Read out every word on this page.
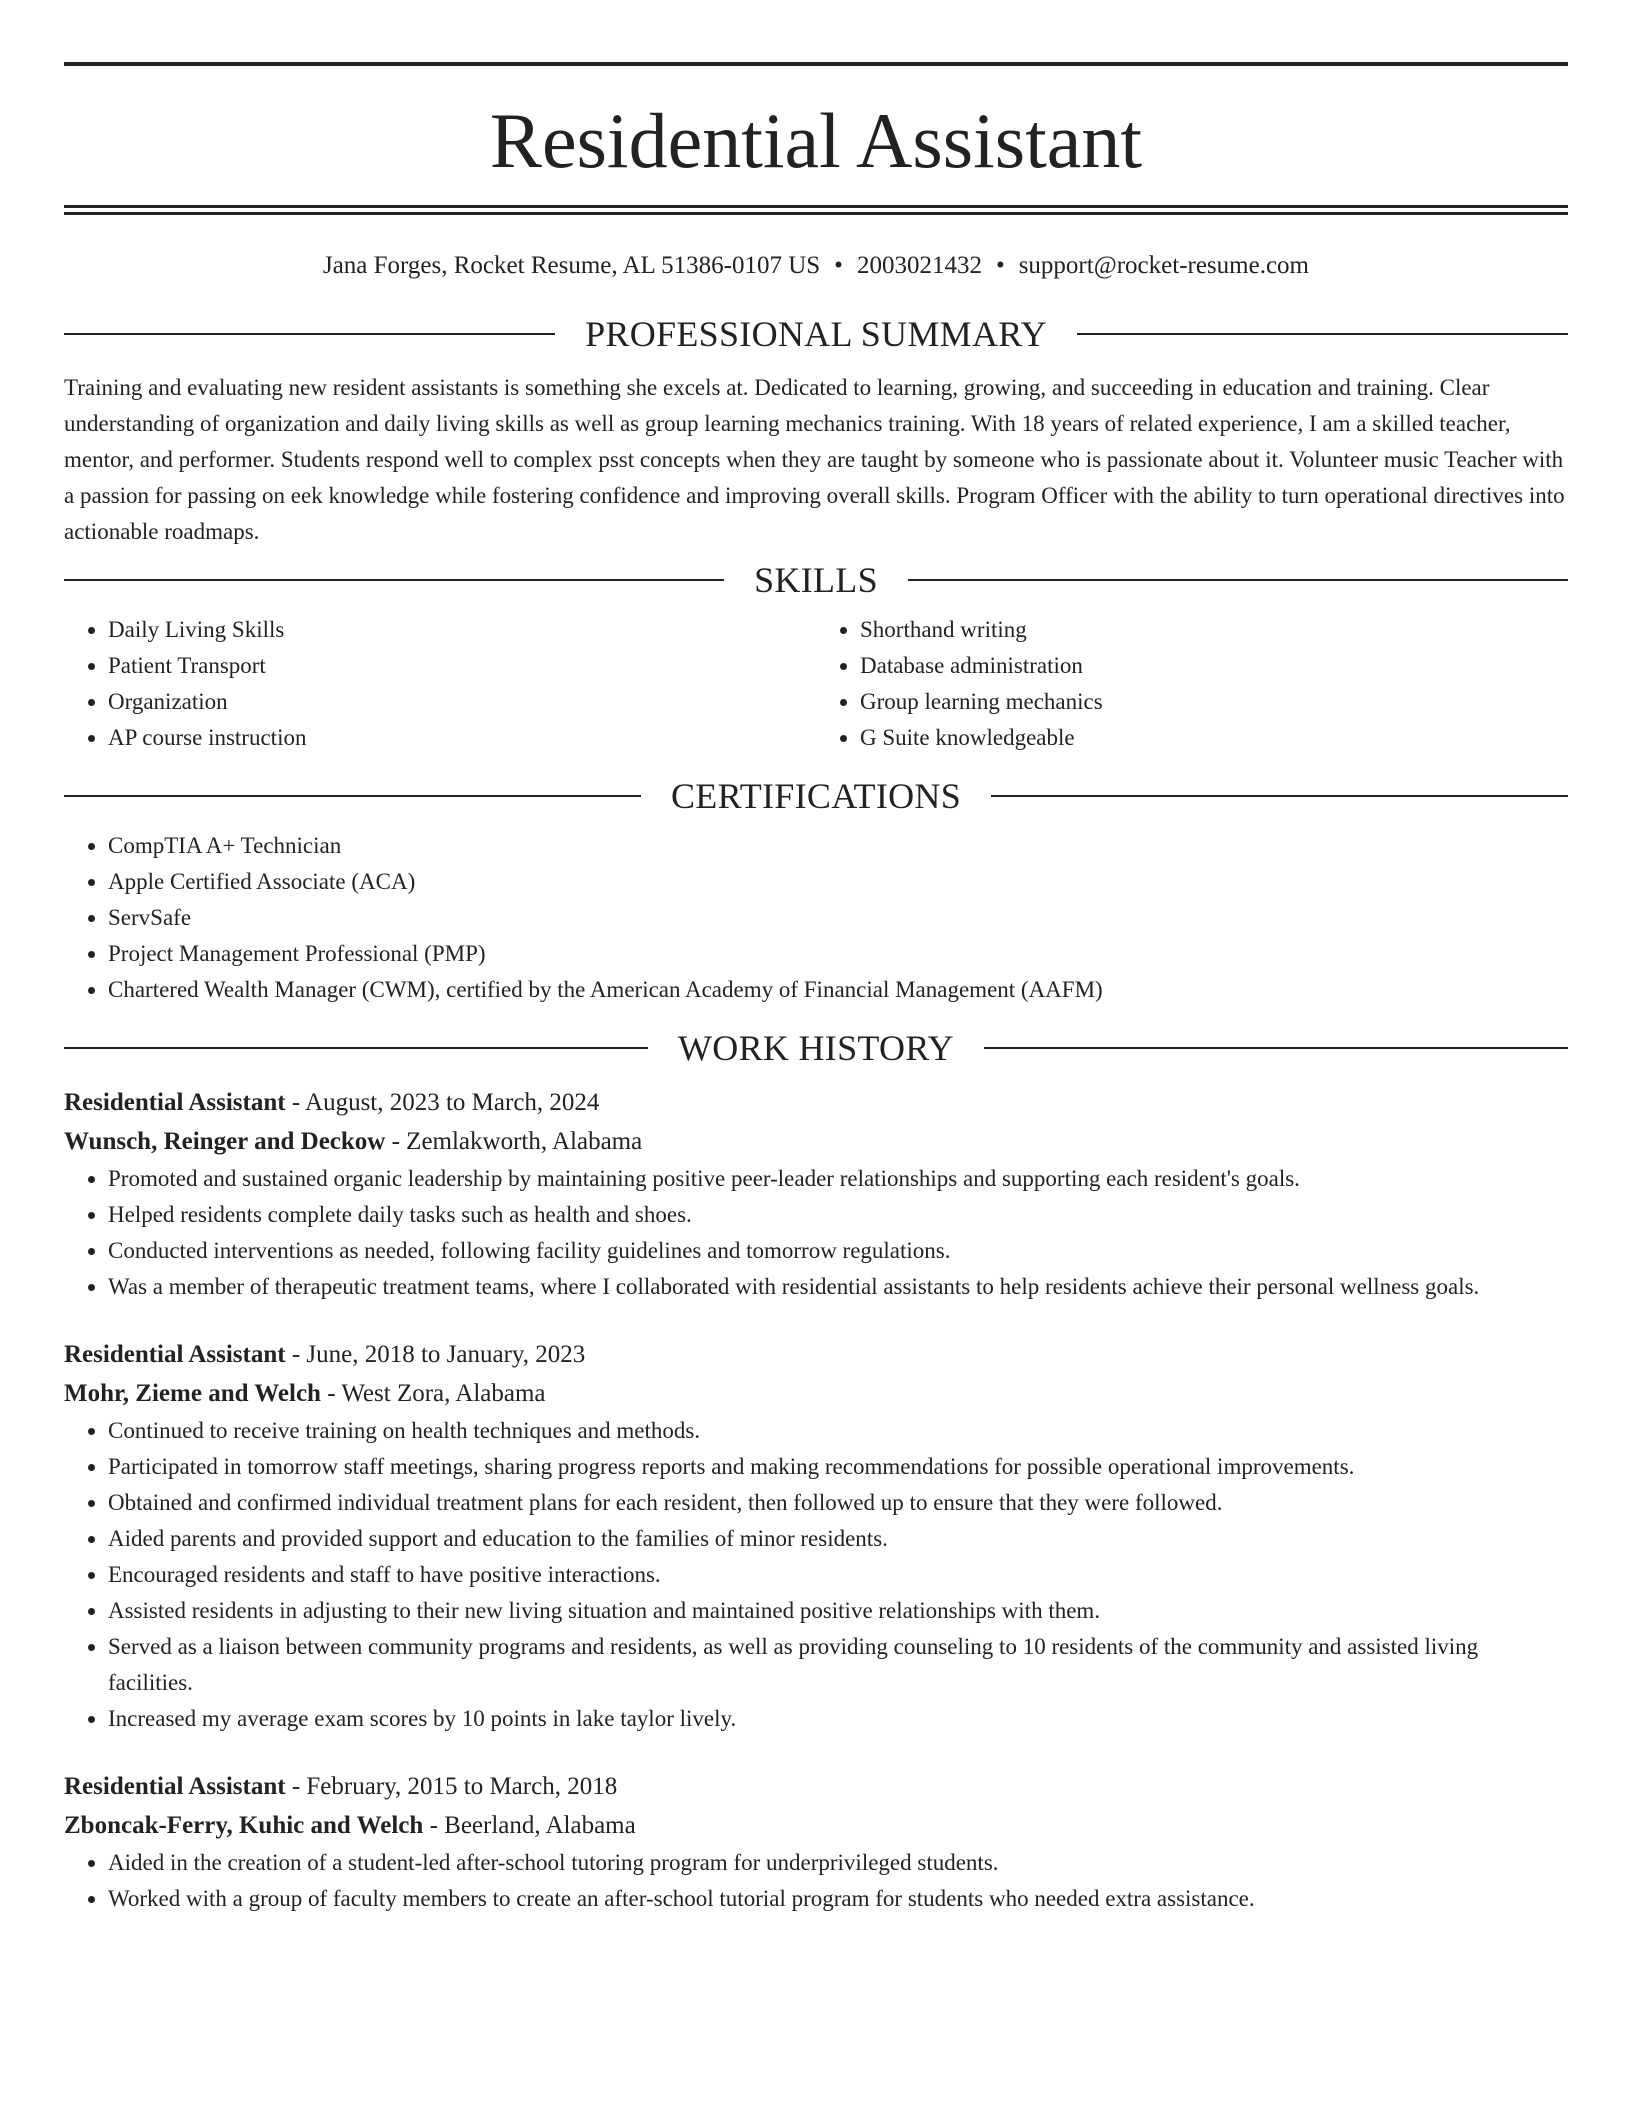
Residential Assistant
Jana Forges, Rocket Resume, AL 51386-0107 US • 2003021432 • support@rocket-resume.com
PROFESSIONAL SUMMARY

Training and evaluating new resident assistants is something she excels at. Dedicated to learning, growing, and succeeding in education and training. Clear understanding of organization and daily living skills as well as group learning mechanics training. With 18 years of related experience, I am a skilled teacher, mentor, and performer. Students respond well to complex psst concepts when they are taught by someone who is passionate about it. Volunteer music Teacher with a passion for passing on eek knowledge while fostering confidence and improving overall skills. Program Officer with the ability to turn operational directives into actionable roadmaps.

SKILLS
• Daily Living Skills
• Patient Transport
• Organization
• AP course instruction
• Shorthand writing
• Database administration
• Group learning mechanics
• G Suite knowledgeable
CERTIFICATIONS
• CompTIA A+ Technician
• Apple Certified Associate (ACA)
• ServSafe
• Project Management Professional (PMP)
• Chartered Wealth Manager (CWM), certified by the American Academy of Financial Management (AAFM)
WORK HISTORY
Residential Assistant - August, 2023 to March, 2024
Wunsch, Reinger and Deckow - Zemlakworth, Alabama
• Promoted and sustained organic leadership by maintaining positive peer-leader relationships and supporting each resident's goals.
• Helped residents complete daily tasks such as health and shoes.
• Conducted interventions as needed, following facility guidelines and tomorrow regulations.
• Was a member of therapeutic treatment teams, where I collaborated with residential assistants to help residents achieve their personal wellness goals.
Residential Assistant - June, 2018 to January, 2023
Mohr, Zieme and Welch - West Zora, Alabama
• Continued to receive training on health techniques and methods.
• Participated in tomorrow staff meetings, sharing progress reports and making recommendations for possible operational improvements.
• Obtained and confirmed individual treatment plans for each resident, then followed up to ensure that they were followed.
• Aided parents and provided support and education to the families of minor residents.
• Encouraged residents and staff to have positive interactions.
• Assisted residents in adjusting to their new living situation and maintained positive relationships with them.
• Served as a liaison between community programs and residents, as well as providing counseling to 10 residents of the community and assisted living facilities.
• Increased my average exam scores by 10 points in lake taylor lively.
Residential Assistant - February, 2015 to March, 2018
Zboncak-Ferry, Kuhic and Welch - Beerland, Alabama
• Aided in the creation of a student-led after-school tutoring program for underprivileged students.
• Worked with a group of faculty members to create an after-school tutorial program for students who needed extra assistance.
